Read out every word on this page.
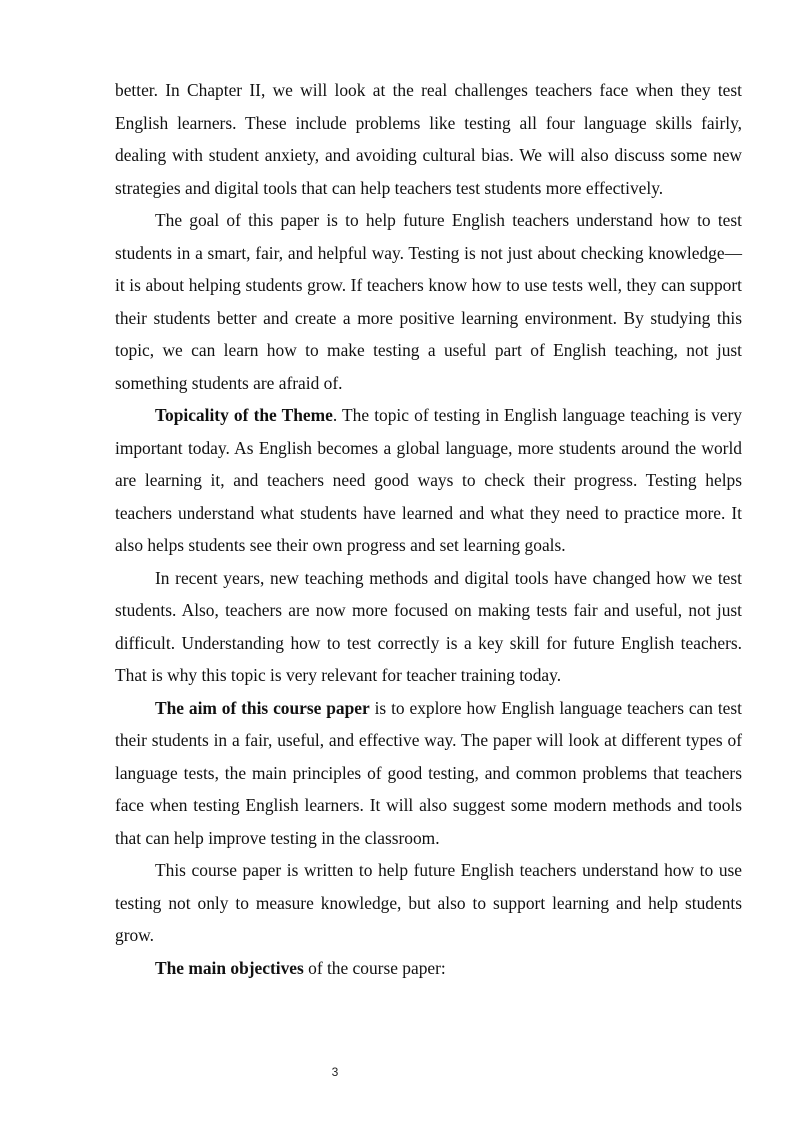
better. In Chapter II, we will look at the real challenges teachers face when they test English learners. These include problems like testing all four language skills fairly, dealing with student anxiety, and avoiding cultural bias. We will also discuss some new strategies and digital tools that can help teachers test students more effectively.

The goal of this paper is to help future English teachers understand how to test students in a smart, fair, and helpful way. Testing is not just about checking knowledge—it is about helping students grow. If teachers know how to use tests well, they can support their students better and create a more positive learning environment. By studying this topic, we can learn how to make testing a useful part of English teaching, not just something students are afraid of.

Topicality of the Theme. The topic of testing in English language teaching is very important today. As English becomes a global language, more students around the world are learning it, and teachers need good ways to check their progress. Testing helps teachers understand what students have learned and what they need to practice more. It also helps students see their own progress and set learning goals.

In recent years, new teaching methods and digital tools have changed how we test students. Also, teachers are now more focused on making tests fair and useful, not just difficult. Understanding how to test correctly is a key skill for future English teachers. That is why this topic is very relevant for teacher training today.

The aim of this course paper is to explore how English language teachers can test their students in a fair, useful, and effective way. The paper will look at different types of language tests, the main principles of good testing, and common problems that teachers face when testing English learners. It will also suggest some modern methods and tools that can help improve testing in the classroom.

This course paper is written to help future English teachers understand how to use testing not only to measure knowledge, but also to support learning and help students grow.

The main objectives of the course paper:

3
